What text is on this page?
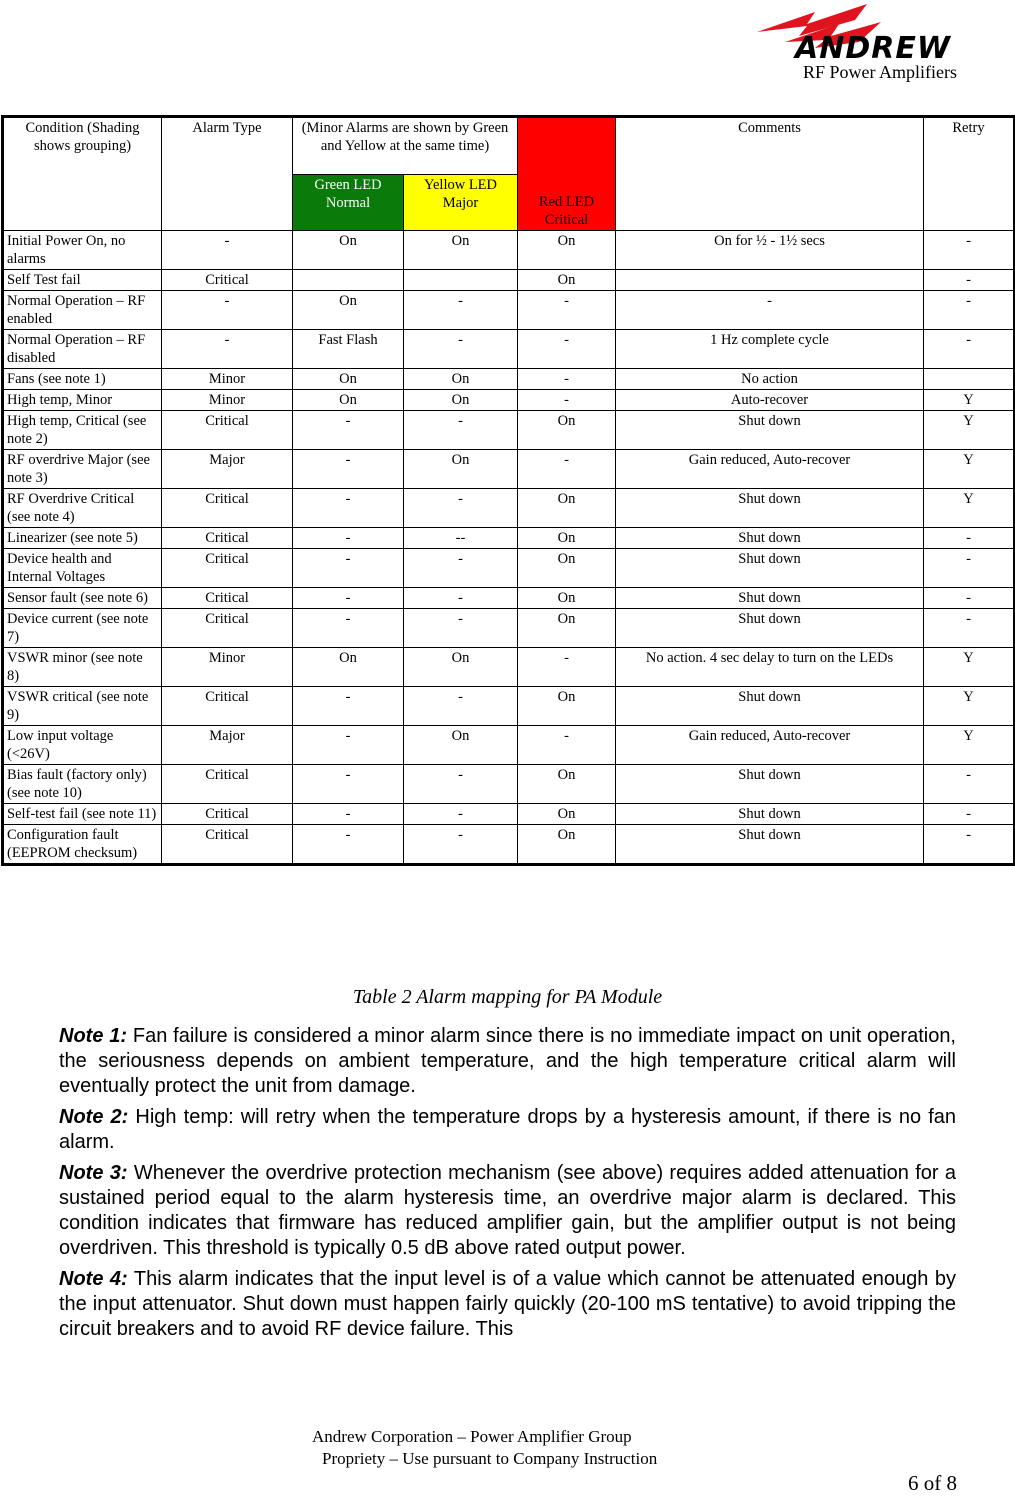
ANDREW
RF Power Amplifiers
Condition (Shading shows grouping)	Alarm Type	(Minor Alarms are shown by Green and Yellow at the same time)		Red LED Critical	Comments	Retry
		Green LED Normal	Yellow LED Major			
Initial Power On, no alarms	-	On	On	On	On for ½ - 1½ secs	-
Self Test fail	Critical			On		-
Normal Operation – RF enabled	-	On	-	-	-	-
Normal Operation – RF disabled	-	Fast Flash	-	-	1 Hz complete cycle	-
Fans (see note 1)	Minor	On	On	-	No action	
High temp, Minor	Minor	On	On	-	Auto-recover	Y
High temp, Critical (see note 2)	Critical	-	-	On	Shut down	Y
RF overdrive Major (see note 3)	Major	-	On	-	Gain reduced, Auto-recover	Y
RF Overdrive Critical (see note 4)	Critical	-	-	On	Shut down	Y
Linearizer (see note 5)	Critical	-	--	On	Shut down	-
Device health and Internal Voltages	Critical	-	-	On	Shut down	-
Sensor fault (see note 6)	Critical	-	-	On	Shut down	-
Device current (see note 7)	Critical	-	-	On	Shut down	-
VSWR minor (see note 8)	Minor	On	On	-	No action. 4 sec delay to turn on the LEDs	Y
VSWR critical (see note 9)	Critical	-	-	On	Shut down	Y
Low input voltage (<26V)	Major	-	On	-	Gain reduced, Auto-recover	Y
Bias fault (factory only) (see note 10)	Critical	-	-	On	Shut down	-
Self-test fail (see note 11)	Critical	-	-	On	Shut down	-
Configuration fault (EEPROM checksum)	Critical	-	-	On	Shut down	-
Table 2 Alarm mapping for PA Module

Note 1: Fan failure is considered a minor alarm since there is no immediate impact on unit operation, the seriousness depends on ambient temperature, and the high temperature critical alarm will eventually protect the unit from damage.

Note 2: High temp: will retry when the temperature drops by a hysteresis amount, if there is no fan alarm.

Note 3: Whenever the overdrive protection mechanism (see above) requires added attenuation for a sustained period equal to the alarm hysteresis time, an overdrive major alarm is declared. This condition indicates that firmware has reduced amplifier gain, but the amplifier output is not being overdriven. This threshold is typically 0.5 dB above rated output power.

Note 4: This alarm indicates that the input level is of a value which cannot be attenuated enough by the input attenuator. Shut down must happen fairly quickly (20-100 mS tentative) to avoid tripping the circuit breakers and to avoid RF device failure. This

Andrew Corporation – Power Amplifier Group
Propriety – Use pursuant to Company Instruction
6 of 8
